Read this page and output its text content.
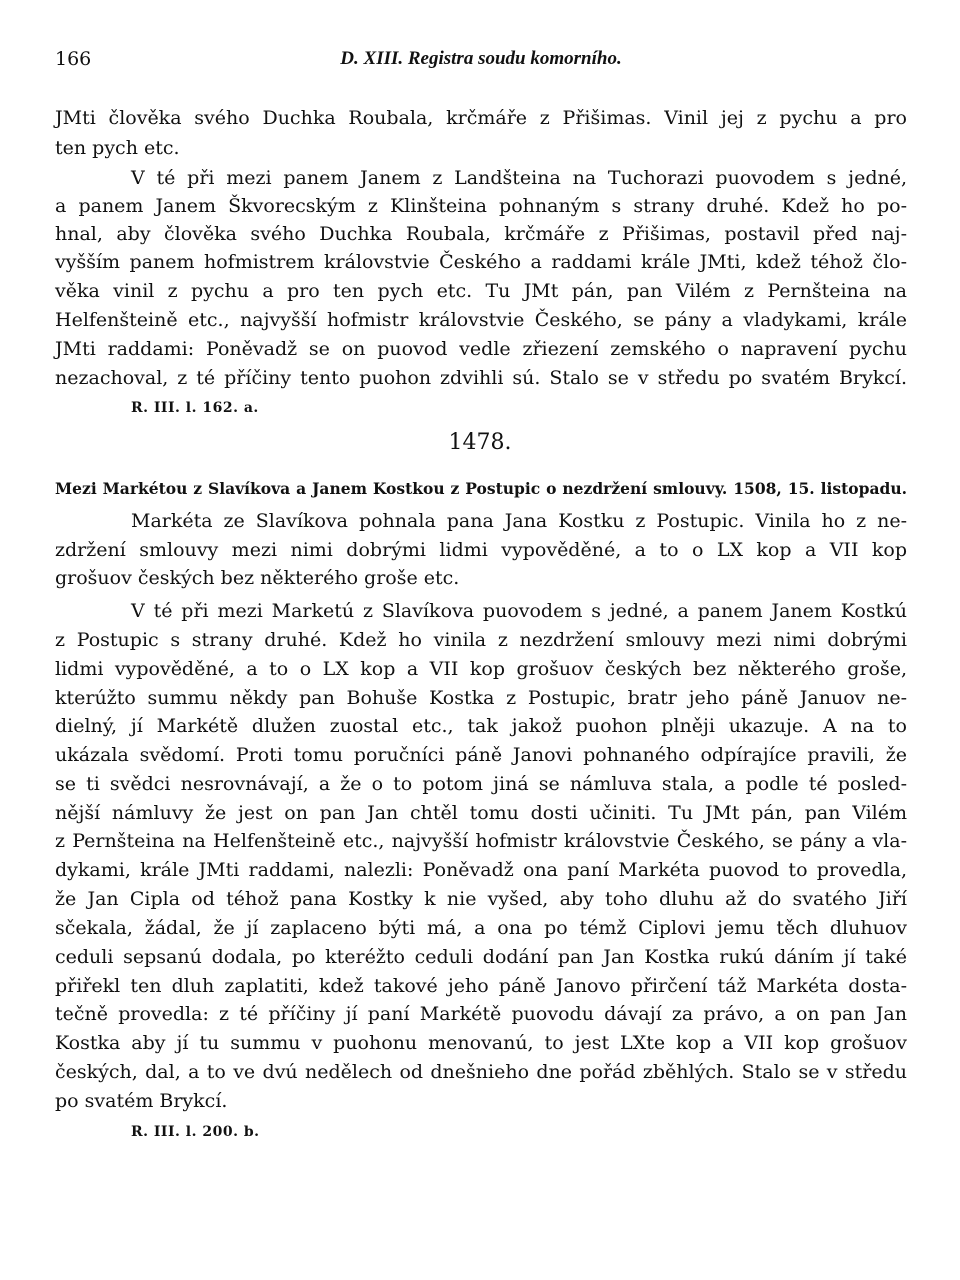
166	D. XIII. Registra soudu komorního.
JMti člověka svého Duchka Roubala, krčmáře z Přišimas. Vinil jej z pychu a pro
ten pych etc.
V té při mezi panem Janem z Landšteina na Tuchorazi puovodem s jedné,
a panem Janem Škvorecským z Klinšteina pohnaným s strany druhé. Kdež ho po-
hnal, aby člověka svého Duchka Roubala, krčmáře z Přišimas, postavil před naj-
vyšším panem hofmistrem královstvie Českého a raddami krále JMti, kdež téhož člo-
věka vinil z pychu a pro ten pych etc. Tu JMt pán, pan Vilém z Pernšteina na
Helfenšteině etc., najvyšší hofmistr královstvie Českého, se pány a vladykami, krále
JMti raddami: Poněvadž se on puovod vedle zřiezení zemského o napravení pychu
nezachoval, z té příčiny tento puohon zdvihli sú. Stalo se v středu po svatém Brykcí.
R. III. l. 162. a.
1478.
Mezi Markétou z Slavíkova a Janem Kostkou z Postupic o nezdržení smlouvy. 1508, 15. listopadu.
Markéta ze Slavíkova pohnala pana Jana Kostku z Postupic. Vinila ho z ne-
zdržení smlouvy mezi nimi dobrými lidmi vypověděné, a to o LX kop a VII kop
grošuov českých bez některého groše etc.
V té při mezi Marketú z Slavíkova puovodem s jedné, a panem Janem Kostkú
z Postupic s strany druhé. Kdež ho vinila z nezdržení smlouvy mezi nimi dobrými
lidmi vypověděné, a to o LX kop a VII kop grošuov českých bez některého groše,
kterúžto summu někdy pan Bohuše Kostka z Postupic, bratr jeho páně Januov ne-
dielný, jí Markétě dlužen zuostal etc., tak jakož puohon plněji ukazuje. A na to
ukázala svědomí. Proti tomu poručníci páně Janovi pohnaného odpírajíce pravili, že
se ti svědci nesrovnávají, a že o to potom jiná se námluva stala, a podle té posled-
nější námluvy že jest on pan Jan chtěl tomu dosti učiniti. Tu JMt pán, pan Vilém
z Pernšteina na Helfenšteině etc., najvyšší hofmistr královstvie Českého, se pány a vla-
dykami, krále JMti raddami, nalezli: Poněvadž ona paní Markéta puovod to provedla,
že Jan Cipla od téhož pana Kostky k nie vyšed, aby toho dluhu až do svatého Jiří
sčekala, žádal, že jí zaplaceno býti má, a ona po témž Ciplovi jemu těch dluhuov
ceduli sepsanú dodala, po kteréžto ceduli dodání pan Jan Kostka rukú dáním jí také
přiřekl ten dluh zaplatiti, kdež takové jeho páně Janovo přirčení táž Markéta dosta-
tečně provedla: z té příčiny jí paní Markétě puovodu dávají za právo, a on pan Jan
Kostka aby jí tu summu v puohonu menovanú, to jest LXte kop a VII kop grošuov
českých, dal, a to ve dvú nedělech od dnešnieho dne pořád zběhlých. Stalo se v středu
po svatém Brykcí.
R. III. l. 200. b.
